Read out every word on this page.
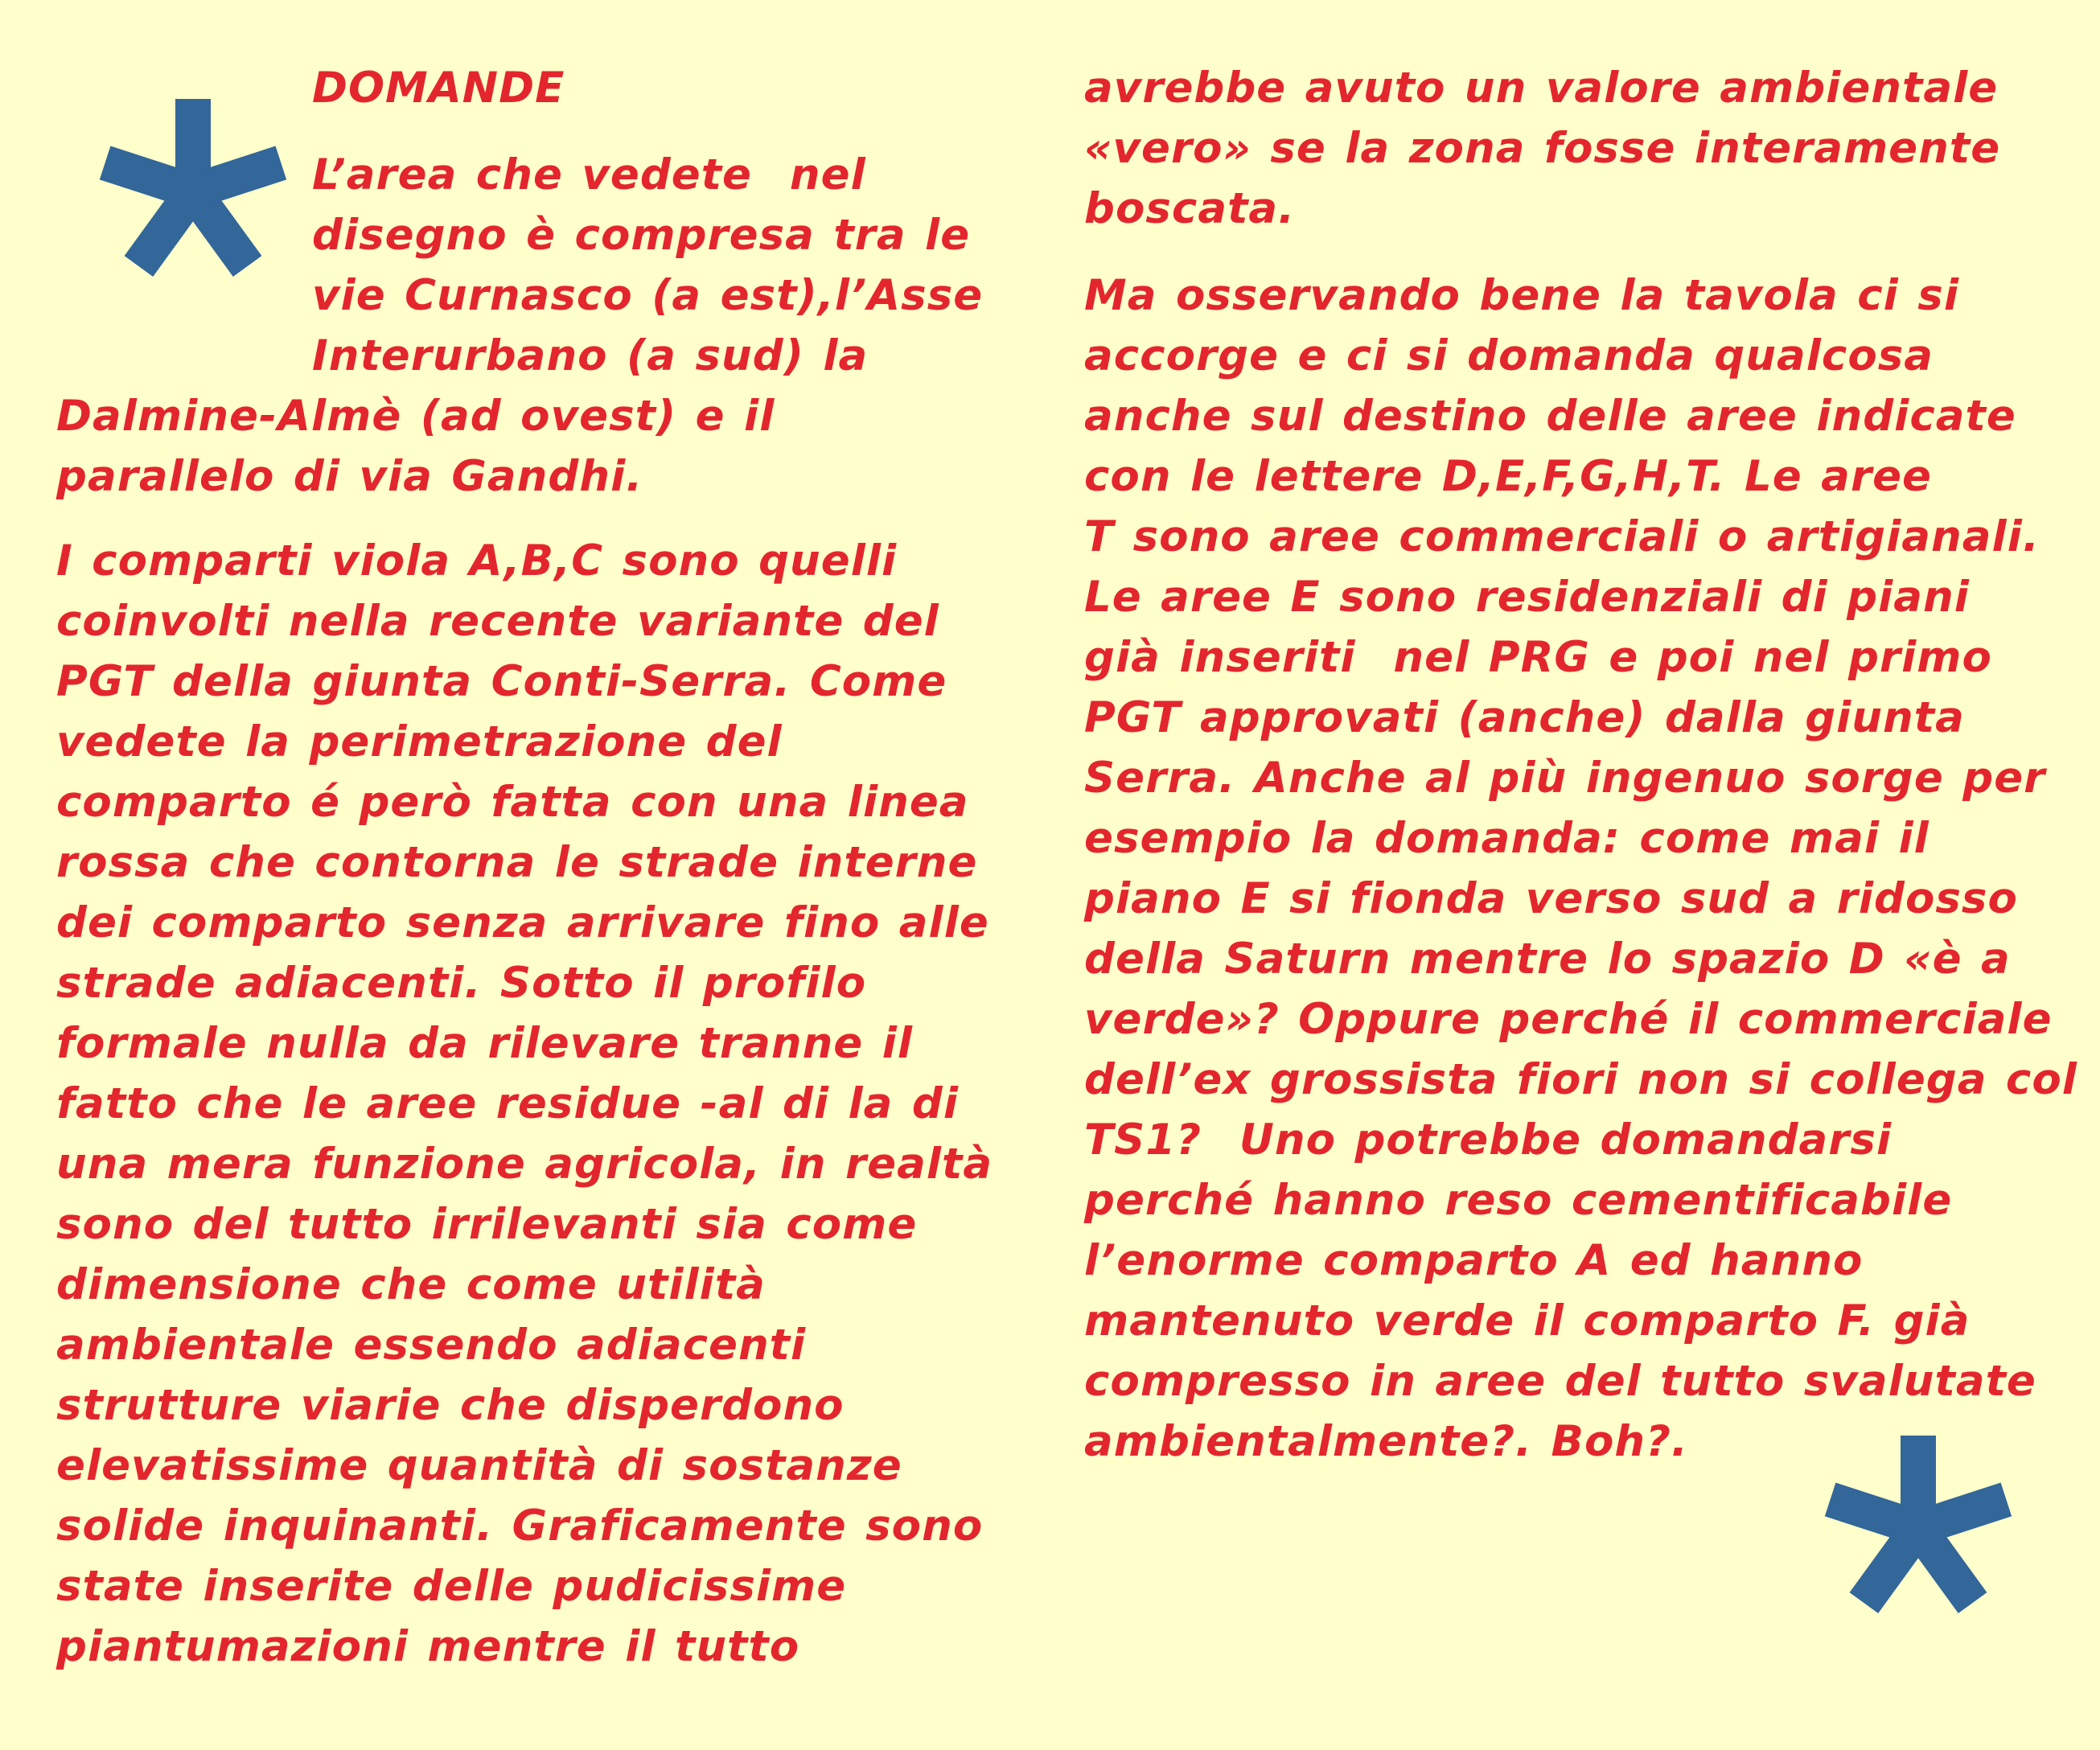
DOMANDE
L’area che vedete  nel
disegno è compresa tra le
vie Curnasco (a est),l’Asse
Interurbano (a sud) la
Dalmine-Almè (ad ovest) e il
parallelo di via Gandhi.
I comparti viola A,B,C sono quelli
coinvolti nella recente variante del
PGT della giunta Conti-Serra. Come
vedete la perimetrazione del
comparto é però fatta con una linea
rossa che contorna le strade interne
dei comparto senza arrivare fino alle
strade adiacenti. Sotto il profilo
formale nulla da rilevare tranne il
fatto che le aree residue -al di la di
una mera funzione agricola, in realtà
sono del tutto irrilevanti sia come
dimensione che come utilità
ambientale essendo adiacenti
strutture viarie che disperdono
elevatissime quantità di sostanze
solide inquinanti. Graficamente sono
state inserite delle pudicissime
piantumazioni mentre il tutto
avrebbe avuto un valore ambientale
«vero» se la zona fosse interamente
boscata.
Ma osservando bene la tavola ci si
accorge e ci si domanda qualcosa
anche sul destino delle aree indicate
con le lettere D,E,F,G,H,T. Le aree
T sono aree commerciali o artigianali.
Le aree E sono residenziali di piani
già inseriti  nel PRG e poi nel primo
PGT approvati (anche) dalla giunta
Serra. Anche al più ingenuo sorge per
esempio la domanda: come mai il
piano E si fionda verso sud a ridosso
della Saturn mentre lo spazio D «è a
verde»? Oppure perché il commerciale
dell’ex grossista fiori non si collega col
TS1?  Uno potrebbe domandarsi
perché hanno reso cementificabile
l’enorme comparto A ed hanno
mantenuto verde il comparto F. già
compresso in aree del tutto svalutate
ambientalmente?. Boh?.
